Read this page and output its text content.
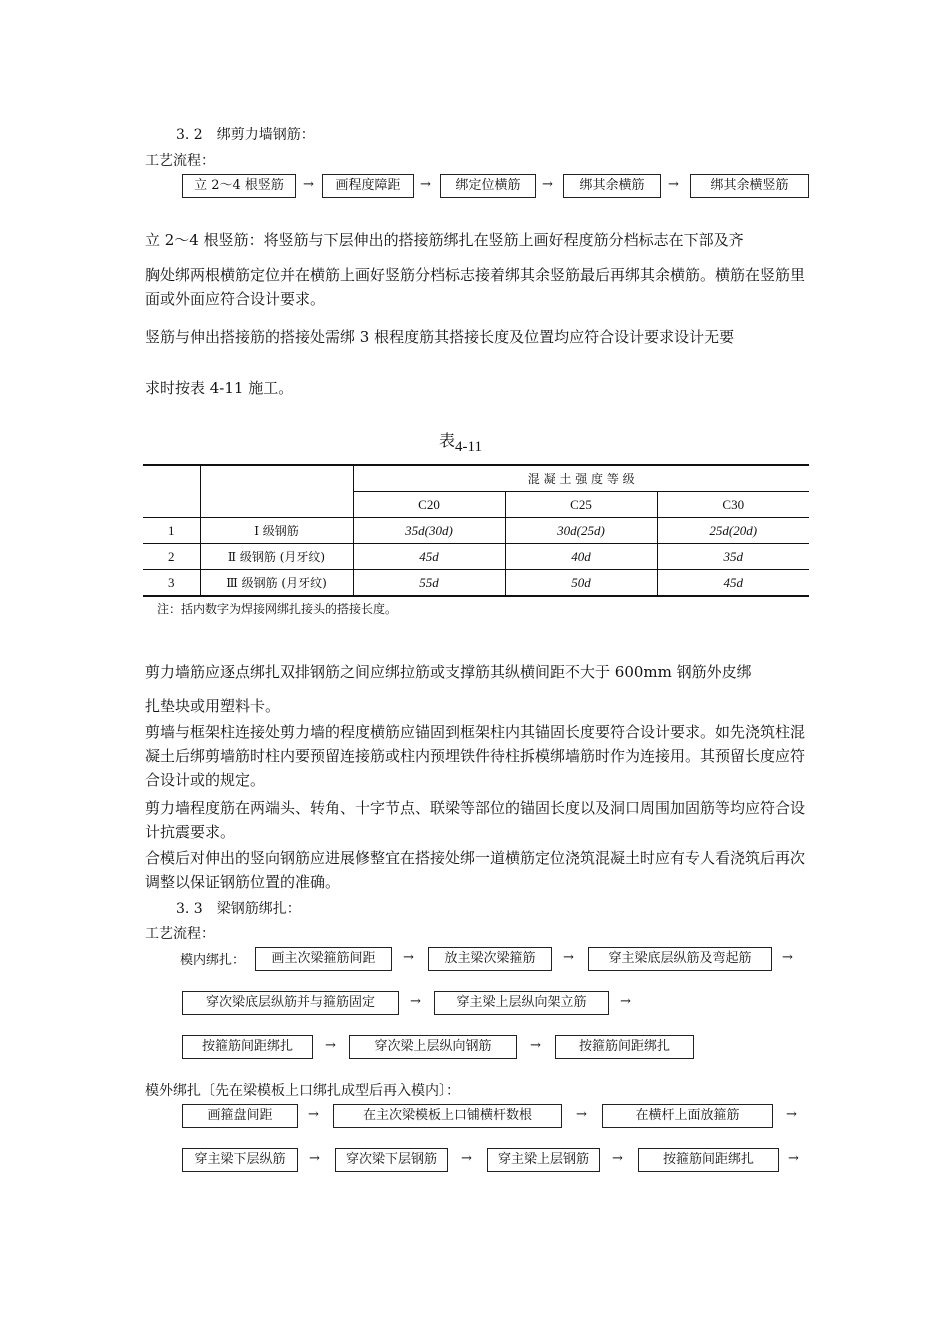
3. 2　绑剪力墙钢筋：
工艺流程：
立 2～4 根竖筋	→	画程度障距	→	绑定位横筋	→	绑其余横筋	→	绑其余横竖筋
立 2～4 根竖筋：将竖筋与下层伸出的搭接筋绑扎在竖筋上画好程度筋分档标志在下部及齐
胸处绑两根横筋定位并在横筋上画好竖筋分档标志接着绑其余竖筋最后再绑其余横筋。横筋在竖筋里面或外面应符合设计要求。
竖筋与伸出搭接筋的搭接处需绑 3 根程度筋其搭接长度及位置均应符合设计要求设计无要
求时按表 4-11 施工。
表4-11
		混 凝 土 强 度 等 级		
		C20	C25	C30
1	Ⅰ 级钢筋	35d(30d)	30d(25d)	25d(20d)
2	Ⅱ 级钢筋 (月牙纹)	45d	40d	35d
3	Ⅲ 级钢筋 (月牙纹)	55d	50d	45d
注：括内数字为焊接网绑扎接头的搭接长度。
剪力墙筋应逐点绑扎双排钢筋之间应绑拉筋或支撑筋其纵横间距不大于 600mm 钢筋外皮绑
扎垫块或用塑料卡。
剪墙与框架柱连接处剪力墙的程度横筋应锚固到框架柱内其锚固长度要符合设计要求。如先浇筑柱混凝土后绑剪墙筋时柱内要预留连接筋或柱内预埋铁件待柱拆模绑墙筋时作为连接用。其预留长度应符合设计或的规定。
剪力墙程度筋在两端头、转角、十字节点、联梁等部位的锚固长度以及洞口周围加固筋等均应符合设计抗震要求。
合模后对伸出的竖向钢筋应进展修整宜在搭接处绑一道横筋定位浇筑混凝土时应有专人看浇筑后再次调整以保证钢筋位置的准确。
3. 3　梁钢筋绑扎：
工艺流程：
模内绑扎：	画主次梁箍筋间距	→	放主梁次梁箍筋	→	穿主梁底层纵筋及弯起筋	→
穿次梁底层纵筋并与箍筋固定	→	穿主梁上层纵向架立筋	→
按箍筋间距绑扎	→	穿次梁上层纵向钢筋	→	按箍筋间距绑扎
模外绑扎〔先在梁模板上口绑扎成型后再入模内〕：
画箍盘间距	→	在主次梁模板上口铺横杆数根	→	在横杆上面放箍筋	→
穿主梁下层纵筋	→	穿次梁下层钢筋	→	穿主梁上层钢筋	→	按箍筋间距绑扎	→
